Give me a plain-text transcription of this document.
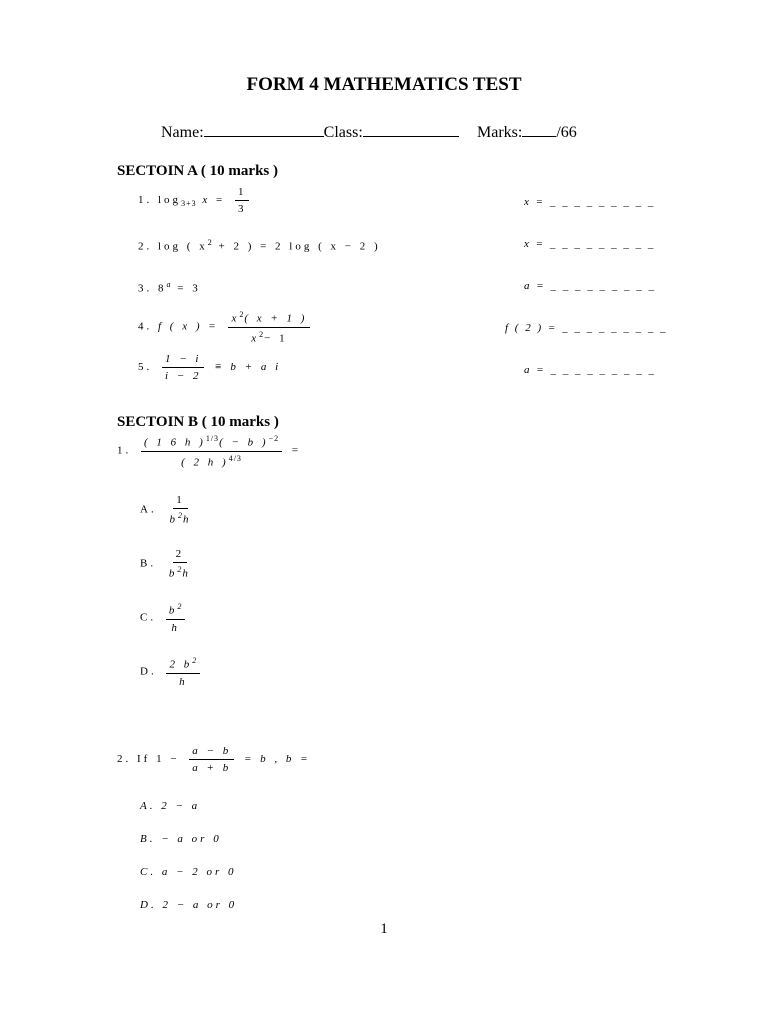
FORM 4 MATHEMATICS TEST
Name:	Class:	Marks: /66
SECTOIN A ( 10 marks )
1. $\log_{3+3} x = \frac{1}{3}$	x = _ _ _ _ _ _ _ _ _
2. log ( $x^2 + 2$ ) = 2 log ( x − 2 )	x = _ _ _ _ _ _ _ _ _
3. $8^a = 3$	a = _ _ _ _ _ _ _ _ _
4. f ( x ) = $\frac{x^2( x + 1 )}{x^2- 1}$	f ( 2 ) = _ _ _ _ _ _ _ _ _
5. $\frac{1 - i}{i - 2} \equiv b + a$ i	a = _ _ _ _ _ _ _ _ _
SECTOIN B ( 10 marks )
1. $\frac{( 1 6 h )^{1/3}( - b )^{-2}}{( 2 h )^{4/3}}$ =
A. $\frac{1}{b^2h}$
B. $\frac{2}{b^2h}$
C. $\frac{b^2}{h}$
D. $\frac{2 b^2}{h}$
2. If $1 - \frac{a - b}{a + b} = b$ , b =
A. 2 − a
B. − a or 0
C. a − 2 or 0
D. 2 − a or 0
1
